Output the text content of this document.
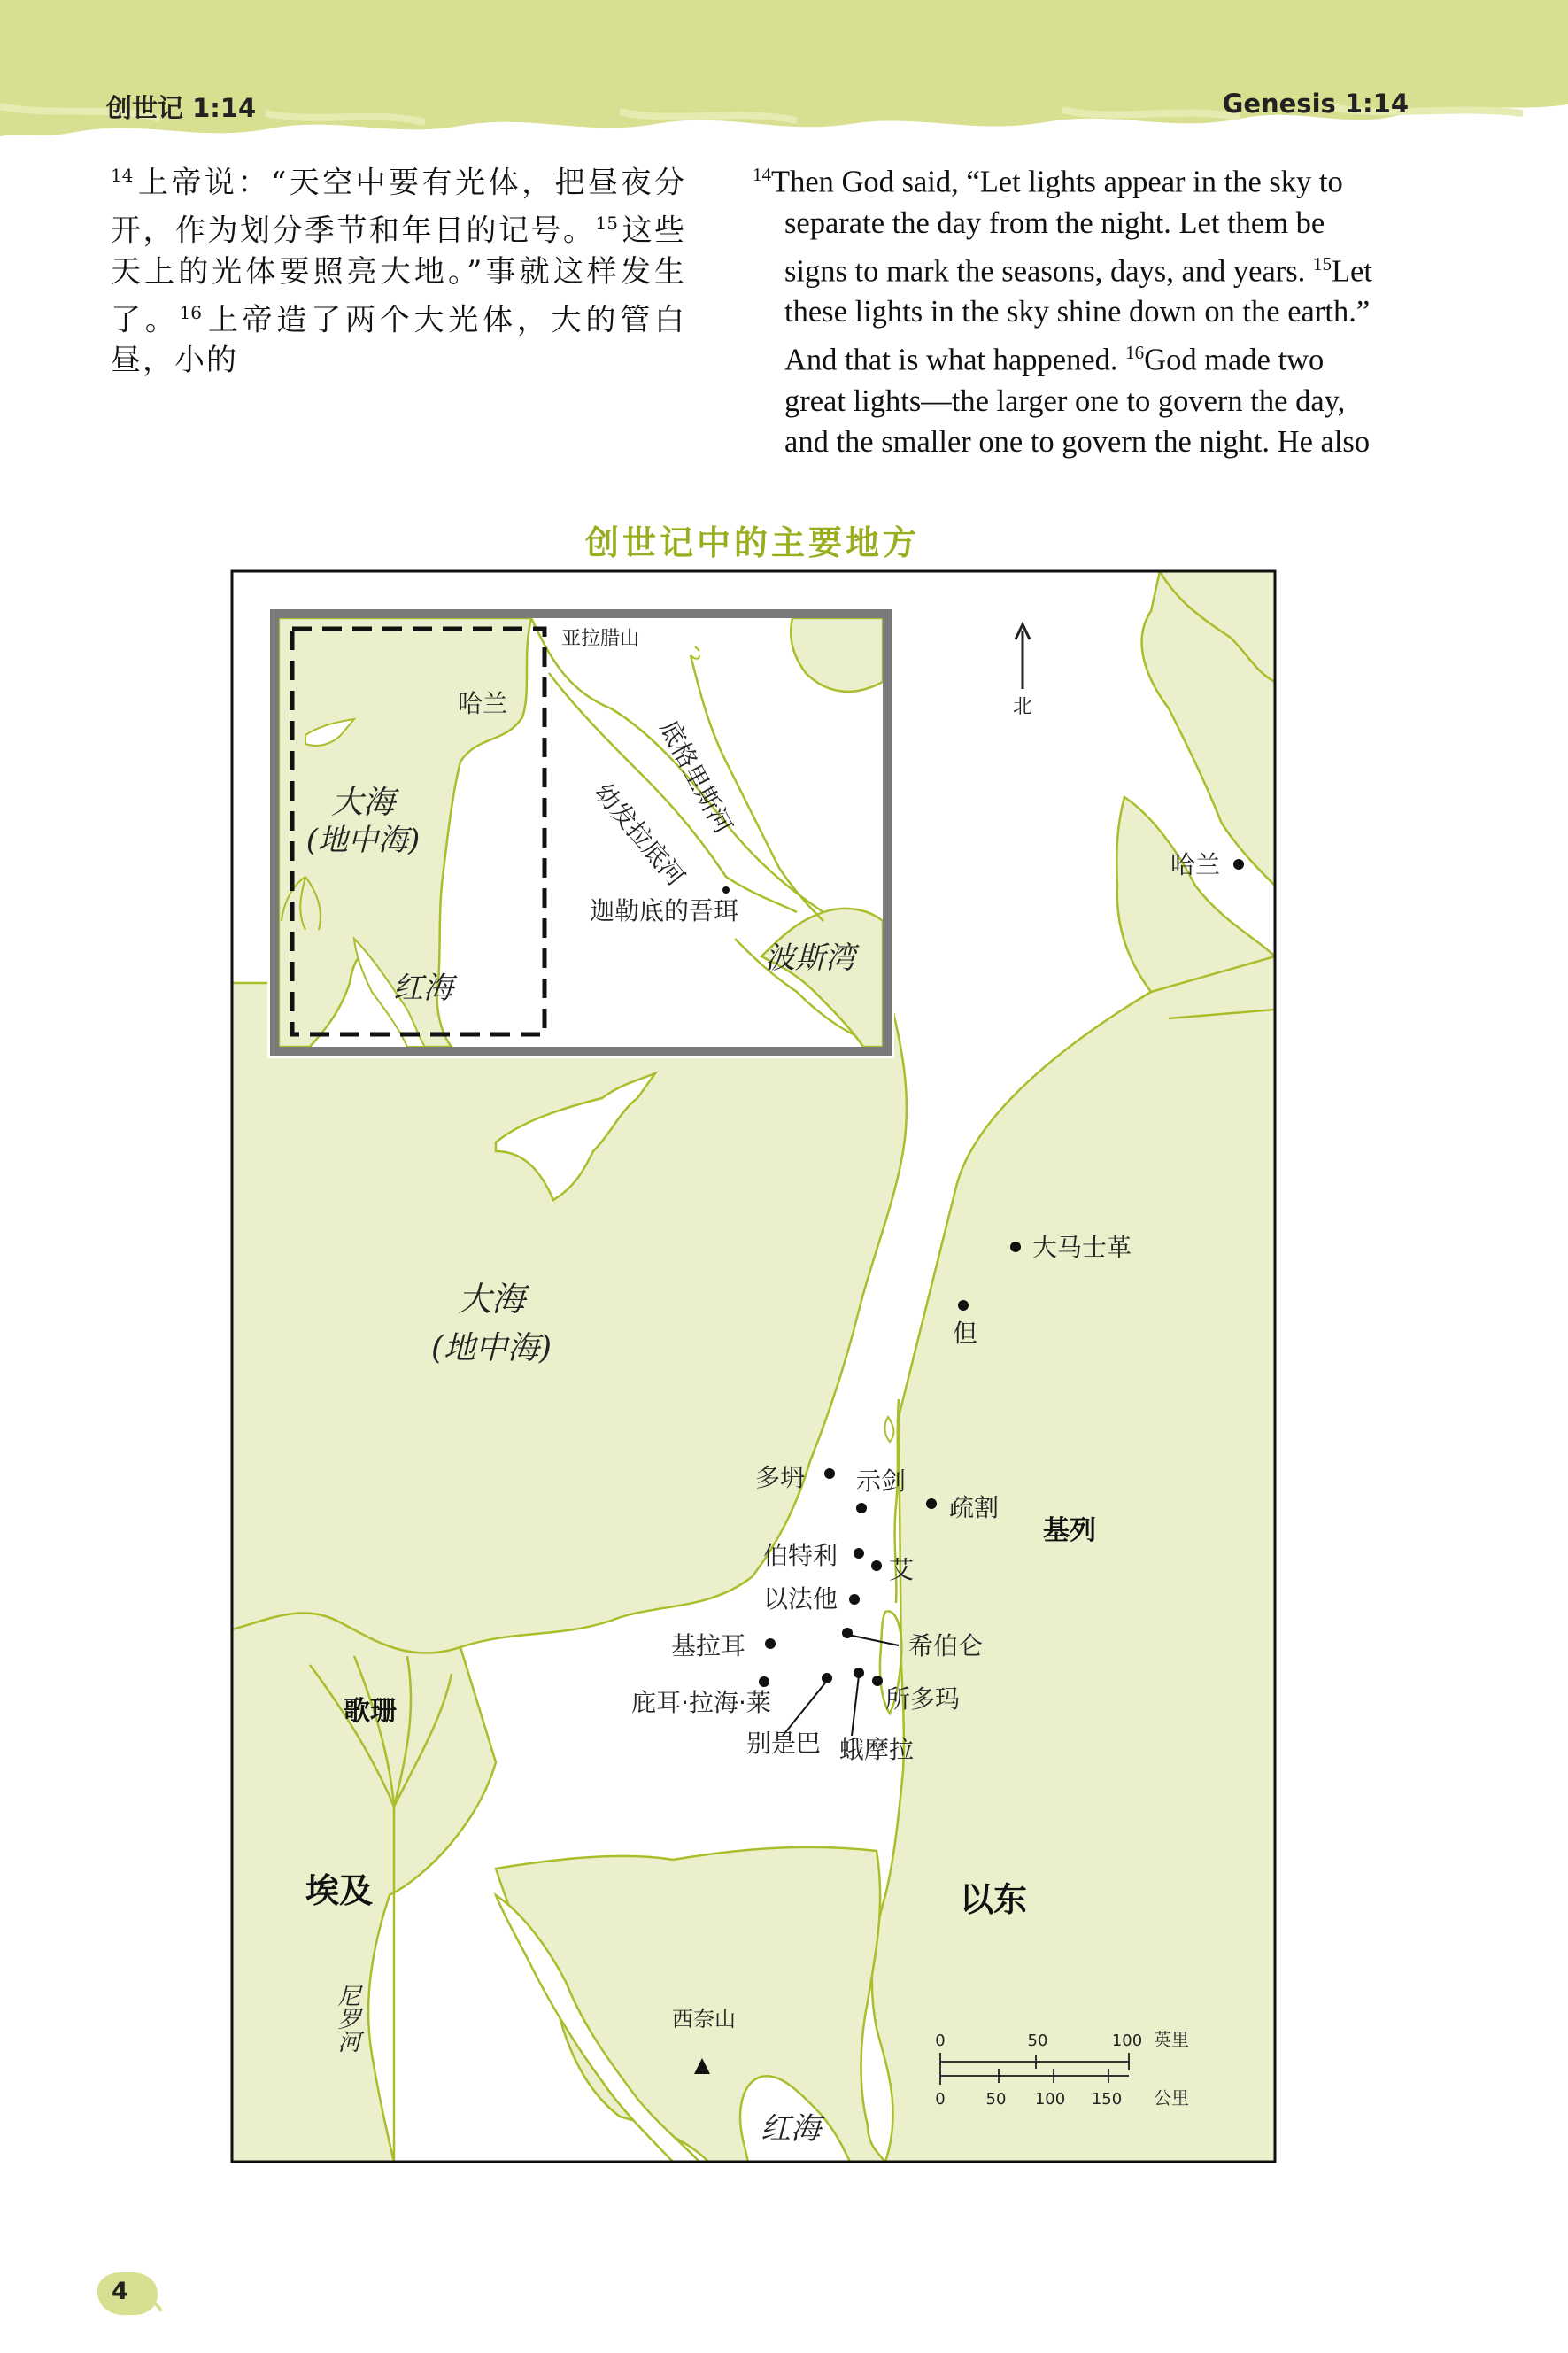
创世记 1:14	Genesis 1:14
$^{14}$ 上帝说：“天空中要有光体，把昼夜分开，作为划分季节和年日的记号。$^{15}$ 这些天上的光体要照亮大地。”事就这样发生了。$^{16}$ 上帝造了两个大光体，大的管白昼，小的
$^{14}$Then God said, “Let lights appear in the sky to
separate the day from the night. Let them be
signs to mark the seasons, days, and years. $^{15}$Let
these lights in the sky shine down on the earth.”
And that is what happened. $^{16}$God made two
great lights—the larger one to govern the day,
and the smaller one to govern the night. He also
创世记中的主要地方
大海
(地中海)
红海
哈兰
亚拉腊山
底格里斯河
幼发拉底河
迦勒底的吾珥
波斯湾
北
大海
(地中海)
红海
尼罗河	西奈山
埃及	以东
歌珊
基列
哈兰
大马士革
但
多坍 示剑
疏割
伯特利 艾
以法他
希伯仑
基拉耳
庇耳·拉海·莱
别是巴 蛾摩拉
所多玛
0	50	100 英里
0	50 100 150 公里
4
